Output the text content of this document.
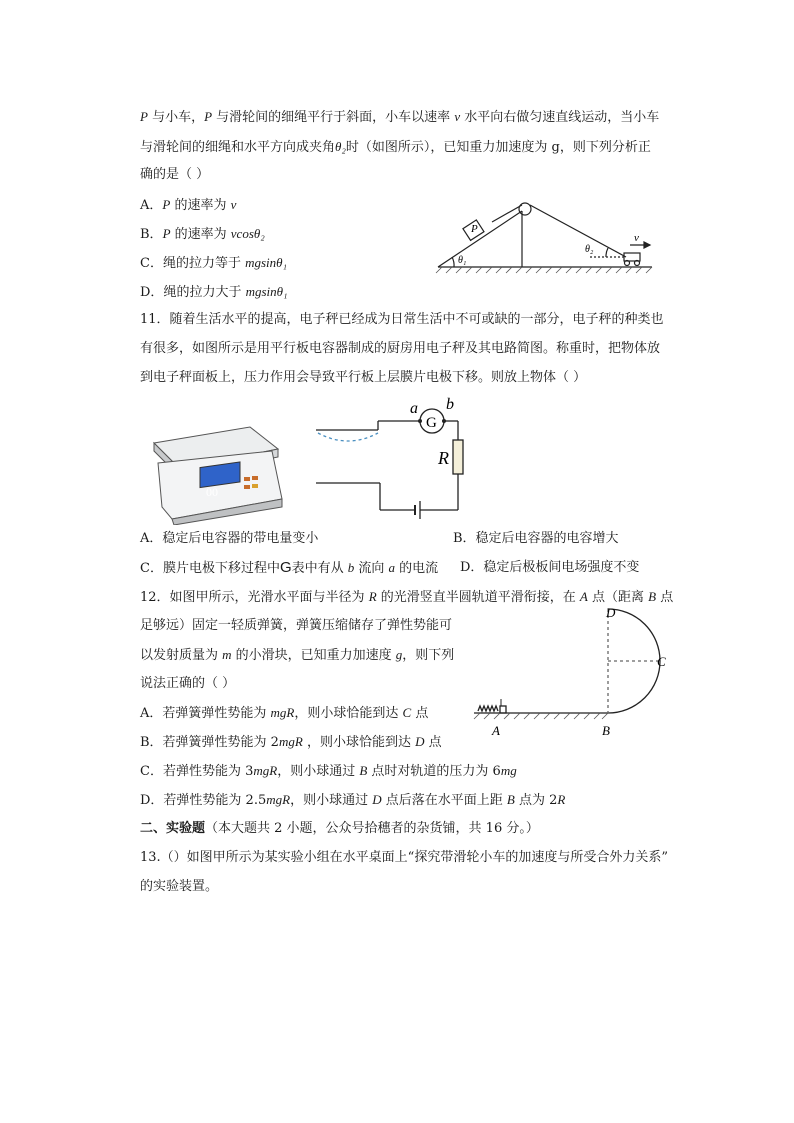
P 与小车，P 与滑轮间的细绳平行于斜面，小车以速率 v 水平向右做匀速直线运动，当小车
与滑轮间的细绳和水平方向成夹角θ₂时（如图所示），已知重力加速度为 g，则下列分析正
确的是（ ）
A．P 的速率为 v
B．P 的速率为 vcosθ₂
C．绳的拉力等于 mgsinθ₁
D．绳的拉力大于 mgsinθ₁
P
θ₁
θ₂
v
11．随着生活水平的提高，电子秤已经成为日常生活中不可或缺的一部分，电子秤的种类也
有很多，如图所示是用平行板电容器制成的厨房用电子秤及其电路简图。称重时，把物体放
到电子秤面板上，压力作用会导致平行板上层膜片电极下移。则放上物体（ ）
00
a b
G
R
A．稳定后电容器的带电量变小	B．稳定后电容器的电容增大
C．膜片电极下移过程中G表中有从 b 流向 a 的电流 D．稳定后极板间电场强度不变
12．如图甲所示，光滑水平面与半径为 R 的光滑竖直半圆轨道平滑衔接，在 A 点（距离 B 点
足够远）固定一轻质弹簧，弹簧压缩储存了弹性势能可
以发射质量为 m 的小滑块，已知重力加速度 g，则下列
说法正确的（ ）
A．若弹簧弹性势能为 mgR，则小球恰能到达 C 点
B．若弹簧弹性势能为 2mgR ，则小球恰能到达 D 点
C．若弹性势能为 3mgR，则小球通过 B 点时对轨道的压力为 6mg
D．若弹性势能为 2.5mgR，则小球通过 D 点后落在水平面上距 B 点为 2R
A	B
C
D
二、实验题（本大题共 2 小题，公众号拾穗者的杂货铺，共 16 分。）
13.（）如图甲所示为某实验小组在水平桌面上“探究带滑轮小车的加速度与所受合外力关系”
的实验装置。
